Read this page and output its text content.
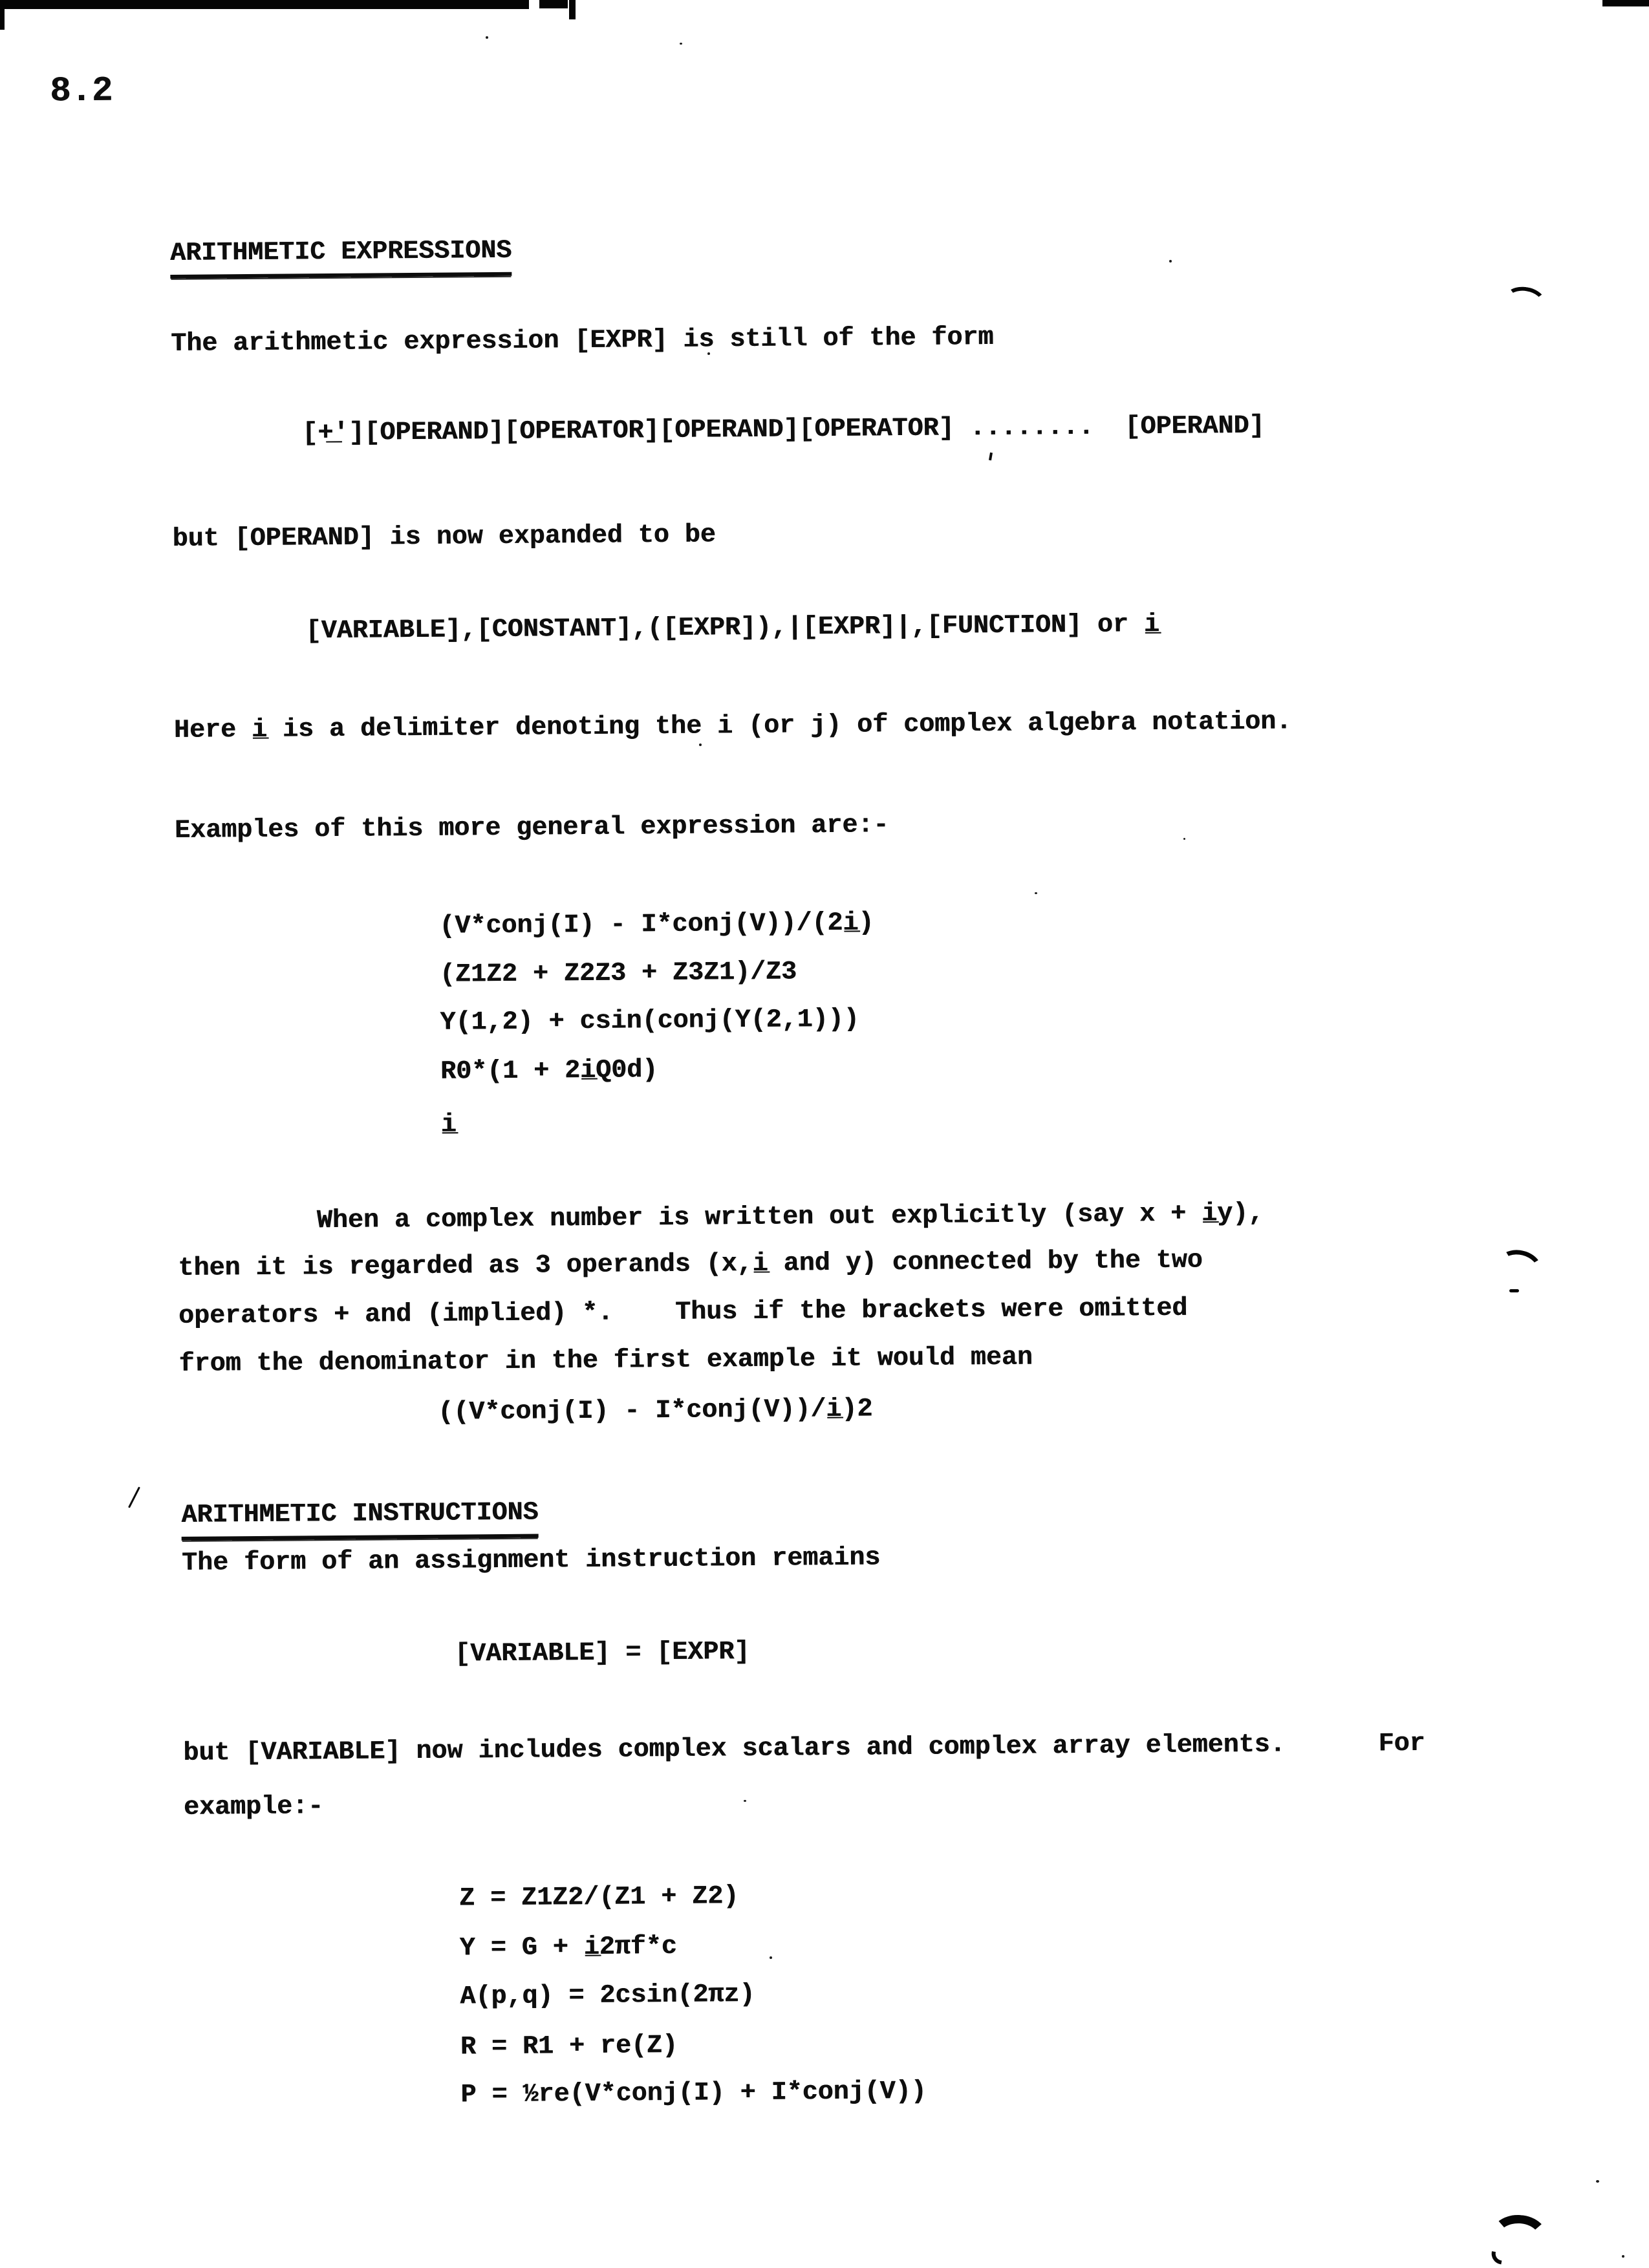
8.2
ARITHMETIC EXPRESSIONS
The arithmetic expression [EXPR] is still of the form
[+̲'][OPERAND][OPERATOR][OPERAND][OPERATOR] ........  [OPERAND]
but [OPERAND] is now expanded to be
[VARIABLE],[CONSTANT],([EXPR]),|[EXPR]|,[FUNCTION] or i̲
Here i̲ is a delimiter denoting the i (or j) of complex algebra notation.
Examples of this more general expression are:-
(V*conj(I) - I*conj(V))/(2i̲)
(Z1Z2 + Z2Z3 + Z3Z1)/Z3
Y(1,2) + csin(conj(Y(2,1)))
R0*(1 + 2i̲Q0d)
i̲
When a complex number is written out explicitly (say x + i̲y),
then it is regarded as 3 operands (x,i̲ and y) connected by the two
operators + and (implied) *.    Thus if the brackets were omitted
from the denominator in the first example it would mean
((V*conj(I) - I*conj(V))/i̲)2
ARITHMETIC INSTRUCTIONS
The form of an assignment instruction remains
[VARIABLE] = [EXPR]
but [VARIABLE] now includes complex scalars and complex array elements.      For
example:-
Z = Z1Z2/(Z1 + Z2)
Y = G + i̲2πf*c
A(p,q) = 2csin(2πz)
R = R1 + re(Z)
P = ½re(V*conj(I) + I*conj(V))
